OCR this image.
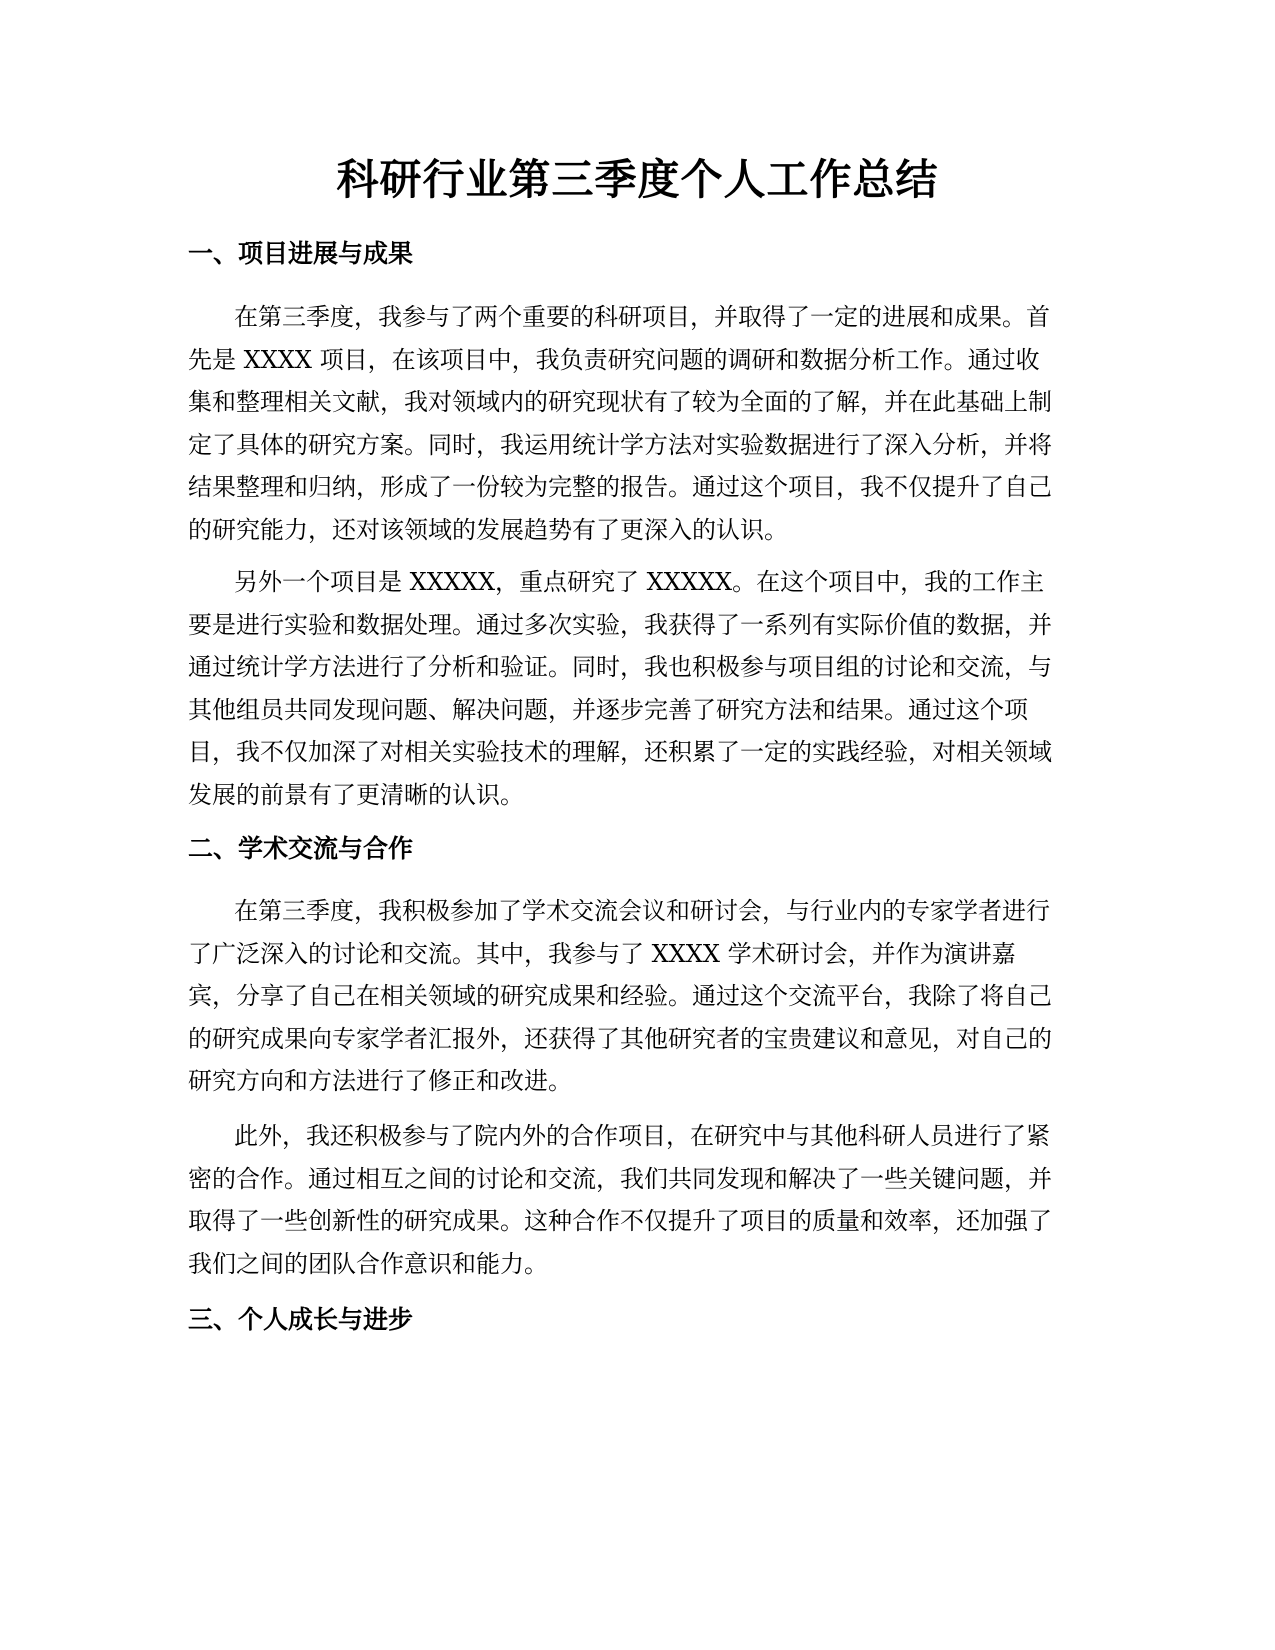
科研行业第三季度个人工作总结
一、项目进展与成果

在第三季度，我参与了两个重要的科研项目，并取得了一定的进展和成果。首
先是 XXXX 项目，在该项目中，我负责研究问题的调研和数据分析工作。通过收
集和整理相关文献，我对领域内的研究现状有了较为全面的了解，并在此基础上制
定了具体的研究方案。同时，我运用统计学方法对实验数据进行了深入分析，并将
结果整理和归纳，形成了一份较为完整的报告。通过这个项目，我不仅提升了自己
的研究能力，还对该领域的发展趋势有了更深入的认识。

另外一个项目是 XXXXX，重点研究了 XXXXX。在这个项目中，我的工作主
要是进行实验和数据处理。通过多次实验，我获得了一系列有实际价值的数据，并
通过统计学方法进行了分析和验证。同时，我也积极参与项目组的讨论和交流，与
其他组员共同发现问题、解决问题，并逐步完善了研究方法和结果。通过这个项
目，我不仅加深了对相关实验技术的理解，还积累了一定的实践经验，对相关领域
发展的前景有了更清晰的认识。

二、学术交流与合作

在第三季度，我积极参加了学术交流会议和研讨会，与行业内的专家学者进行
了广泛深入的讨论和交流。其中，我参与了 XXXX 学术研讨会，并作为演讲嘉
宾，分享了自己在相关领域的研究成果和经验。通过这个交流平台，我除了将自己
的研究成果向专家学者汇报外，还获得了其他研究者的宝贵建议和意见，对自己的
研究方向和方法进行了修正和改进。

此外，我还积极参与了院内外的合作项目，在研究中与其他科研人员进行了紧
密的合作。通过相互之间的讨论和交流，我们共同发现和解决了一些关键问题，并
取得了一些创新性的研究成果。这种合作不仅提升了项目的质量和效率，还加强了
我们之间的团队合作意识和能力。

三、个人成长与进步
